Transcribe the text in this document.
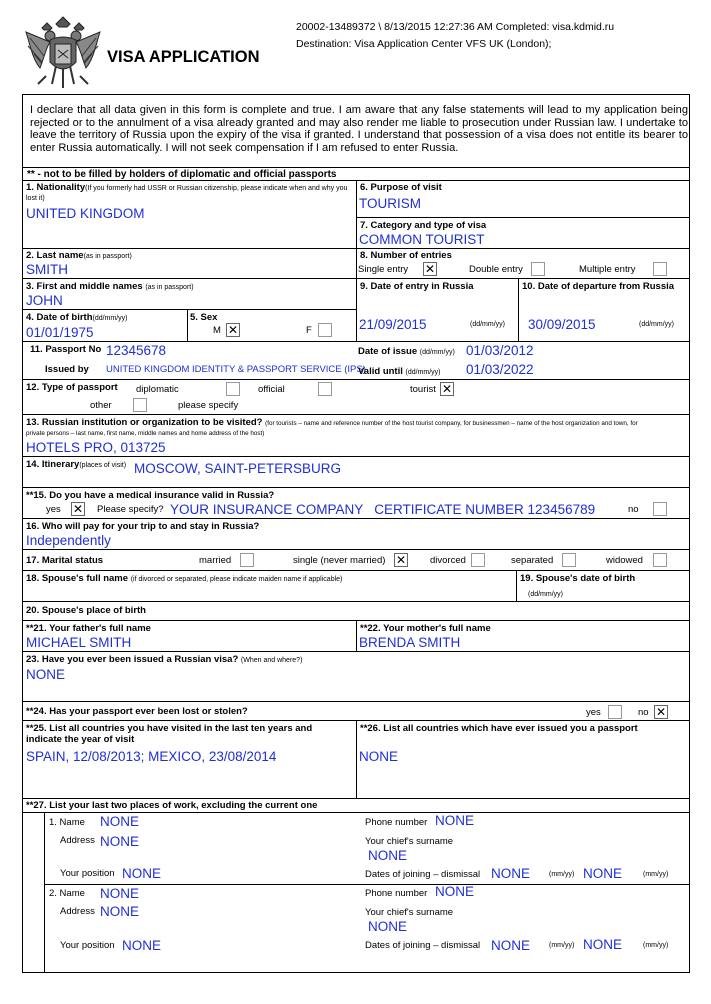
VISA APPLICATION
20002-13489372 \ 8/13/2015 12:27:36 AM Completed: visa.kdmid.ru
Destination: Visa Application Center VFS UK (London);
I declare that all data given in this form is complete and true. I am aware that any false statements will lead to my application being rejected or to the annulment of a visa already granted and may also render me liable to prosecution under Russian law. I undertake to leave the territory of Russia upon the expiry of the visa if granted. I understand that possession of a visa does not entitle its bearer to enter Russia automatically. I will not seek compensation if I am refused to enter Russia.
** - not to be filled by holders of diplomatic and official passports
1. Nationality(If you formerly had USSR or Russian citizenship, please indicate when and why you
lost it)
UNITED KINGDOM
6. Purpose of visit
TOURISM
7. Category and type of visa
COMMON TOURIST
2. Last name(as in passport)
SMITH
8. Number of entries
Single entry ✕	Double entry	Multiple entry
3. First and middle names (as in passport)
JOHN
9. Date of entry in Russia
21/09/2015	(dd/mm/yy)
10. Date of departure from Russia
30/09/2015	(dd/mm/yy)
4. Date of birth(dd/mm/yy)
01/01/1975
5. Sex
M ✕	F
11. Passport No 12345678
Issued by UNITED KINGDOM IDENTITY & PASSPORT SERVICE (IPS)
Date of issue (dd/mm/yy) 01/03/2012
Valid until (dd/mm/yy) 01/03/2022
12. Type of passport diplomatic	official	tourist ✕
other	please specify
13. Russian institution or organization to be visited? (for tourists – name and reference number of the host tourist company, for businessmen – name of the host organization and town, for
private persons – last name, first name, middle names and home address of the host)
HOTELS PRO, 013725
14. Itinerary(places of visit) MOSCOW, SAINT-PETERSBURG
**15. Do you have a medical insurance valid in Russia?
yes ✕ Please specify? YOUR INSURANCE COMPANY   CERTIFICATE NUMBER 123456789	no
16. Who will pay for your trip to and stay in Russia?
Independently
17. Marital status	married	single (never married) ✕	divorced	separated	widowed
18. Spouse's full name (if divorced or separated, please indicate maiden name if applicable)	19. Spouse's date of birth
(dd/mm/yy)
20. Spouse's place of birth
**21. Your father's full name
MICHAEL SMITH
**22. Your mother's full name
BRENDA SMITH
23. Have you ever been issued a Russian visa? (When and where?)
NONE
**24. Has your passport ever been lost or stolen?	yes	no ✕
**25. List all countries you have visited in the last ten years and
indicate the year of visit
SPAIN, 12/08/2013; MEXICO, 23/08/2014
**26. List all countries which have ever issued you a passport
NONE
**27. List your last two places of work, excluding the current one
1. Name NONE
Address NONE
Your position NONE
Phone number NONE
Your chief's surname
NONE
Dates of joining – dismissal NONE	(mm/yy) NONE	(mm/yy)
2. Name NONE
Address NONE
Your position NONE
Phone number NONE
Your chief's surname
NONE
Dates of joining – dismissal NONE	(mm/yy) NONE	(mm/yy)
